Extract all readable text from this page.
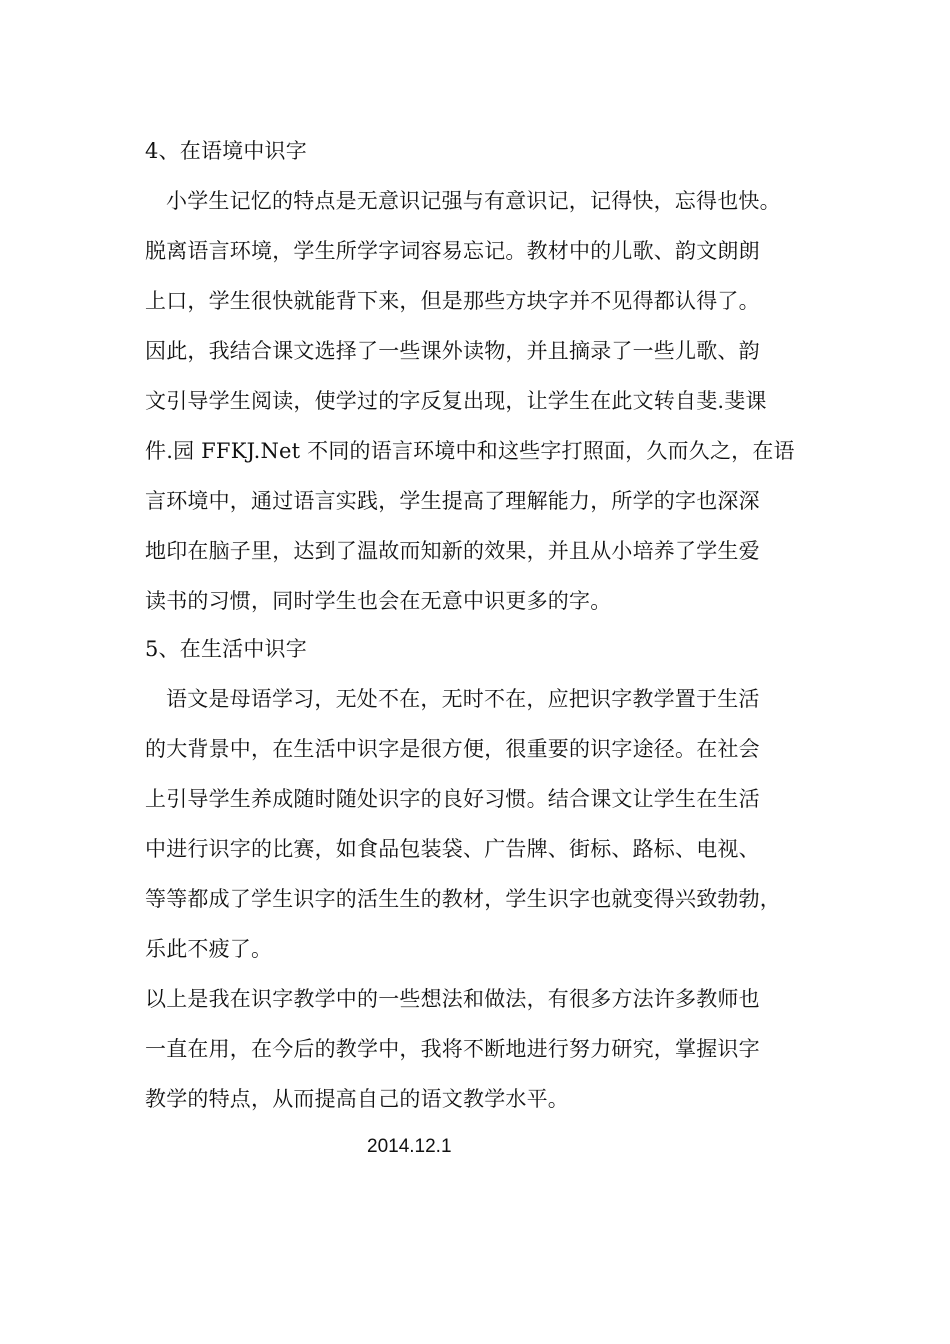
4、在语境中识字
小学生记忆的特点是无意识记强与有意识记，记得快，忘得也快。
脱离语言环境，学生所学字词容易忘记。教材中的儿歌、韵文朗朗
上口，学生很快就能背下来，但是那些方块字并不见得都认得了。
因此，我结合课文选择了一些课外读物，并且摘录了一些儿歌、韵
文引导学生阅读，使学过的字反复出现，让学生在此文转自斐.斐课
件.园 FFKJ.Net 不同的语言环境中和这些字打照面，久而久之，在语
言环境中，通过语言实践，学生提高了理解能力，所学的字也深深
地印在脑子里，达到了温故而知新的效果，并且从小培养了学生爱
读书的习惯，同时学生也会在无意中识更多的字。
5、在生活中识字
语文是母语学习，无处不在，无时不在，应把识字教学置于生活
的大背景中，在生活中识字是很方便，很重要的识字途径。在社会
上引导学生养成随时随处识字的良好习惯。结合课文让学生在生活
中进行识字的比赛，如食品包装袋、广告牌、街标、路标、电视、
等等都成了学生识字的活生生的教材，学生识字也就变得兴致勃勃，
乐此不疲了。
以上是我在识字教学中的一些想法和做法，有很多方法许多教师也
一直在用，在今后的教学中，我将不断地进行努力研究，掌握识字
教学的特点，从而提高自己的语文教学水平。
2014.12.1
